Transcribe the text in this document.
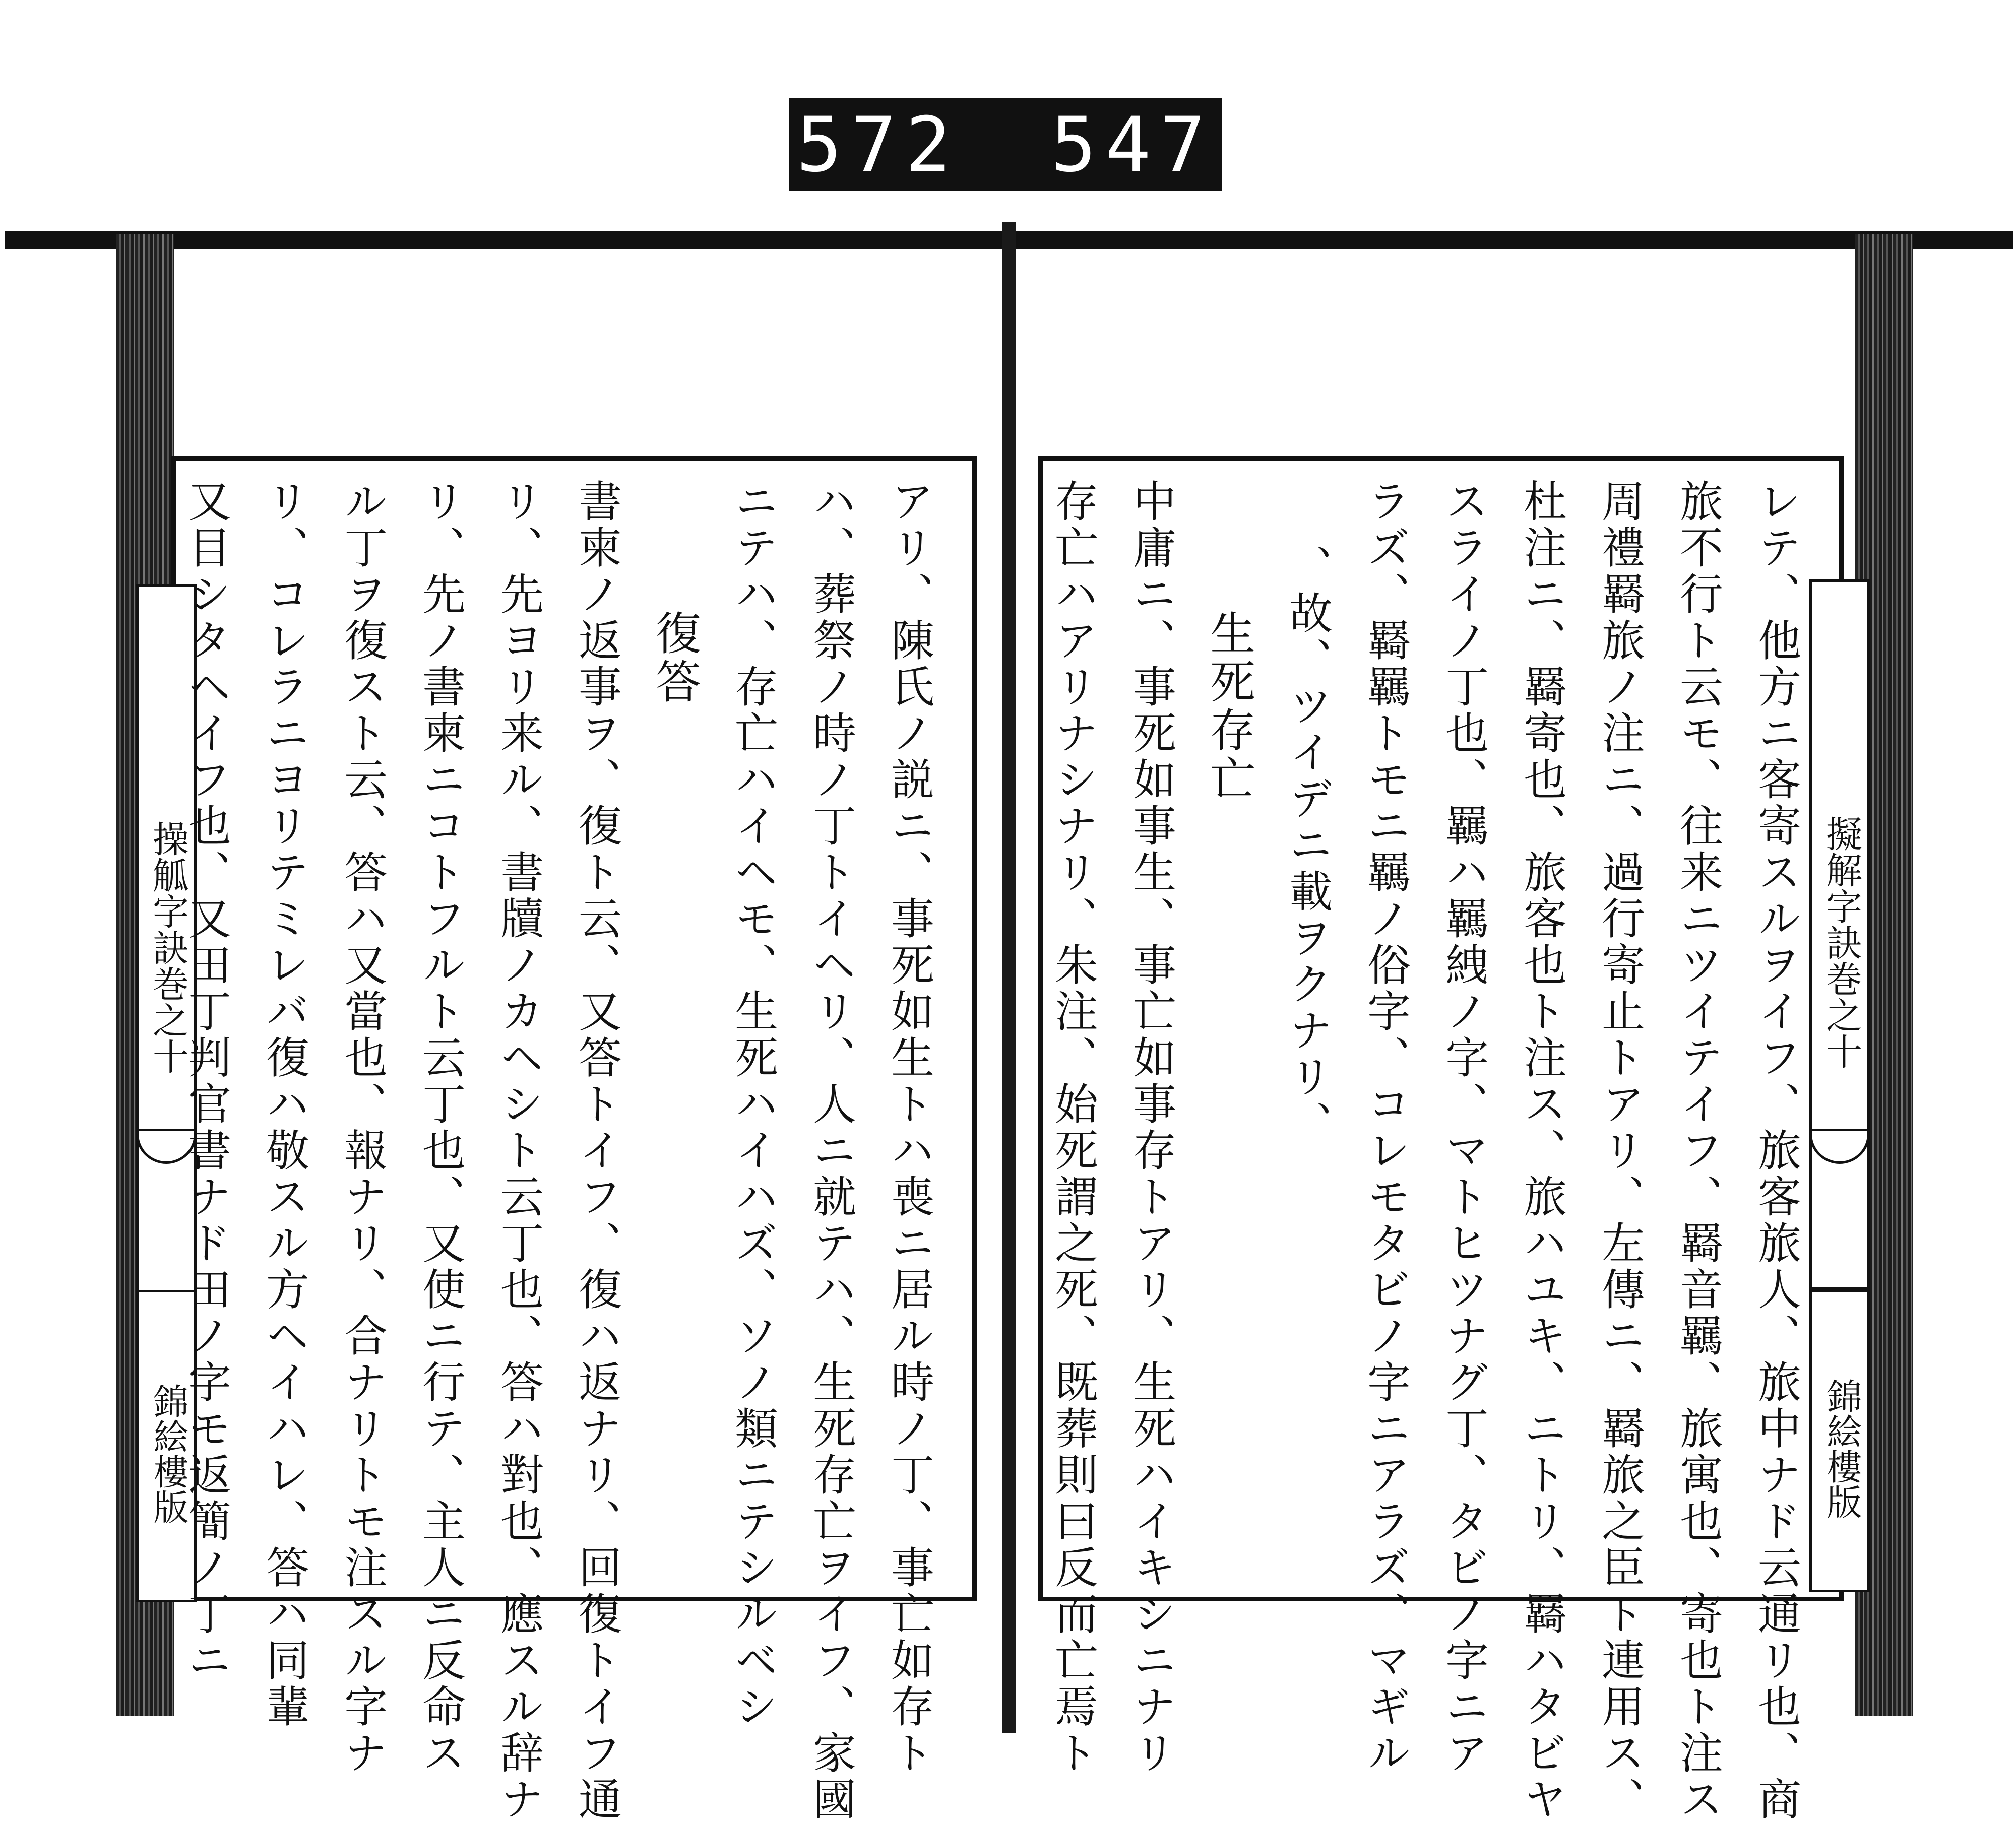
572 547
操觚字訣巻之十
錦絵樓版	アリ、陳氏ノ説ニ、事死如生トハ喪ニ居ル時ノ丁、事亡如存ト
ハ、葬祭ノ時ノ丁トイヘリ、人ニ就テハ、生死存亡ヲイフ、家國
ニテハ、存亡ハイヘモ、生死ハイハズ、ソノ類ニテシルベシ
復答
書柬ノ返事ヲ、復ト云、又答トイフ、復ハ返ナリ、回復トイフ通
リ、先ヨリ来ル、書牘ノカヘシト云丁也、答ハ對也、應スル辞ナ
リ、先ノ書柬ニコトフルト云丁也、又使ニ行テ、主人ニ反命ス
ル丁ヲ復スト云、答ハ又當也、報ナリ、合ナリトモ注スル字ナ
リ、コレラニヨリテミレバ復ハ敬スル方ヘイハレ、答ハ同輩
又目シタヘイフ也、又田丁判官書ナド田ノ字モ返簡ノ丁ニ	擬解字訣巻之十
錦絵樓版
レテ、他方ニ客寄スルヲイフ、旅客旅人、旅中ナド云通リ也、商
旅不行ト云モ、往来ニツイテイフ、羇音羈、旅寓也、寄也ト注ス
周禮羇旅ノ注ニ、過行寄止トアリ、左傳ニ、羇旅之臣ト連用ス、
杜注ニ、羇寄也、旅客也ト注ス、旅ハユキ、ニトリ、羇ハタビヤ
スライノ丁也、羈ハ羈絏ノ字、マトヒツナグ丁、タビノ字ニア
ラズ、羇羈トモニ羈ノ俗字、コレモタビノ字ニアラズ、マギル
、故、ツイデニ載ヲクナリ、
生死存亡
中庸ニ、事死如事生、事亡如事存トアリ、生死ハイキシニナリ
存亡ハアリナシナリ、朱注、始死謂之死、既葬則曰反而亡焉ト
